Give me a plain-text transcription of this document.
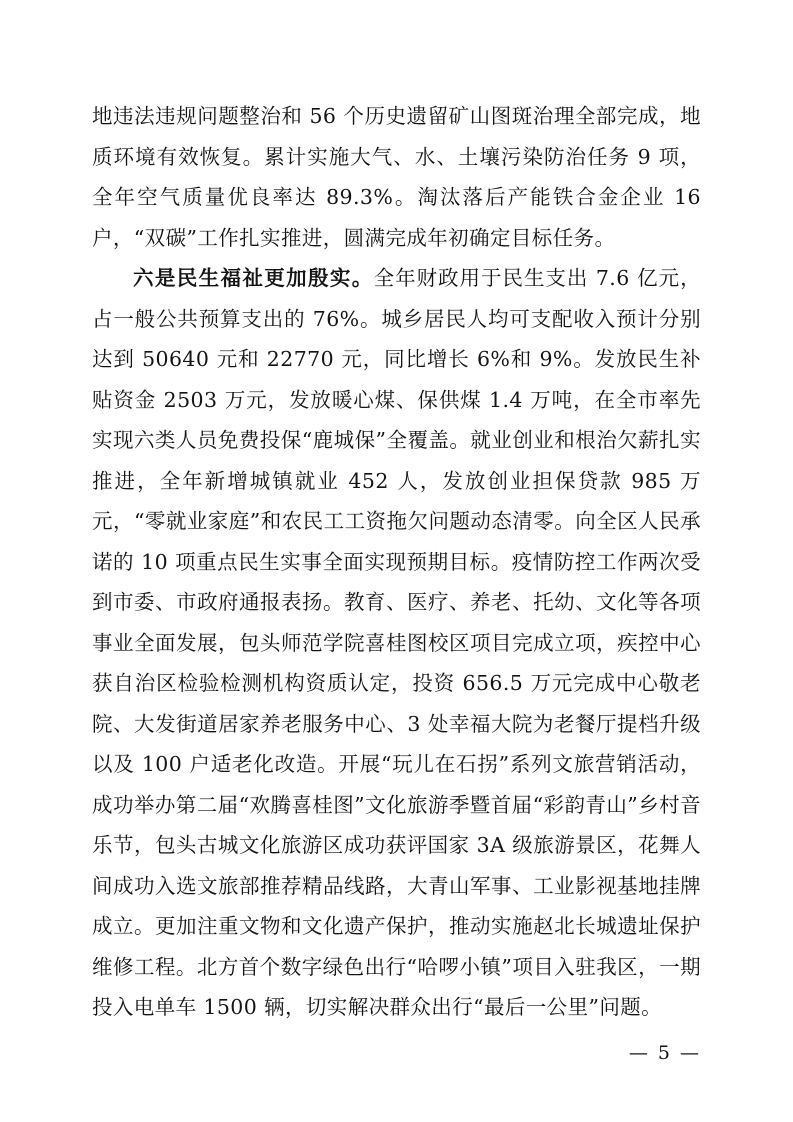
地违法违规问题整治和 56 个历史遗留矿山图斑治理全部完成，地质环境有效恢复。累计实施大气、水、土壤污染防治任务 9 项，全年空气质量优良率达 89.3%。淘汰落后产能铁合金企业 16 户，“双碳”工作扎实推进，圆满完成年初确定目标任务。

六是民生福祉更加殷实。全年财政用于民生支出 7.6 亿元，占一般公共预算支出的 76%。城乡居民人均可支配收入预计分别达到 50640 元和 22770 元，同比增长 6%和 9%。发放民生补贴资金 2503 万元，发放暖心煤、保供煤 1.4 万吨，在全市率先实现六类人员免费投保“鹿城保”全覆盖。就业创业和根治欠薪扎实推进，全年新增城镇就业 452 人，发放创业担保贷款 985 万元，“零就业家庭”和农民工工资拖欠问题动态清零。向全区人民承诺的 10 项重点民生实事全面实现预期目标。疫情防控工作两次受到市委、市政府通报表扬。教育、医疗、养老、托幼、文化等各项事业全面发展，包头师范学院喜桂图校区项目完成立项，疾控中心获自治区检验检测机构资质认定，投资 656.5 万元完成中心敬老院、大发街道居家养老服务中心、3 处幸福大院为老餐厅提档升级以及 100 户适老化改造。开展“玩儿在石拐”系列文旅营销活动，成功举办第二届“欢腾喜桂图”文化旅游季暨首届“彩韵青山”乡村音乐节，包头古城文化旅游区成功获评国家 3A 级旅游景区，花舞人间成功入选文旅部推荐精品线路，大青山军事、工业影视基地挂牌成立。更加注重文物和文化遗产保护，推动实施赵北长城遗址保护维修工程。北方首个数字绿色出行“哈啰小镇”项目入驻我区，一期投入电单车 1500 辆，切实解决群众出行“最后一公里”问题。

— 5 —
